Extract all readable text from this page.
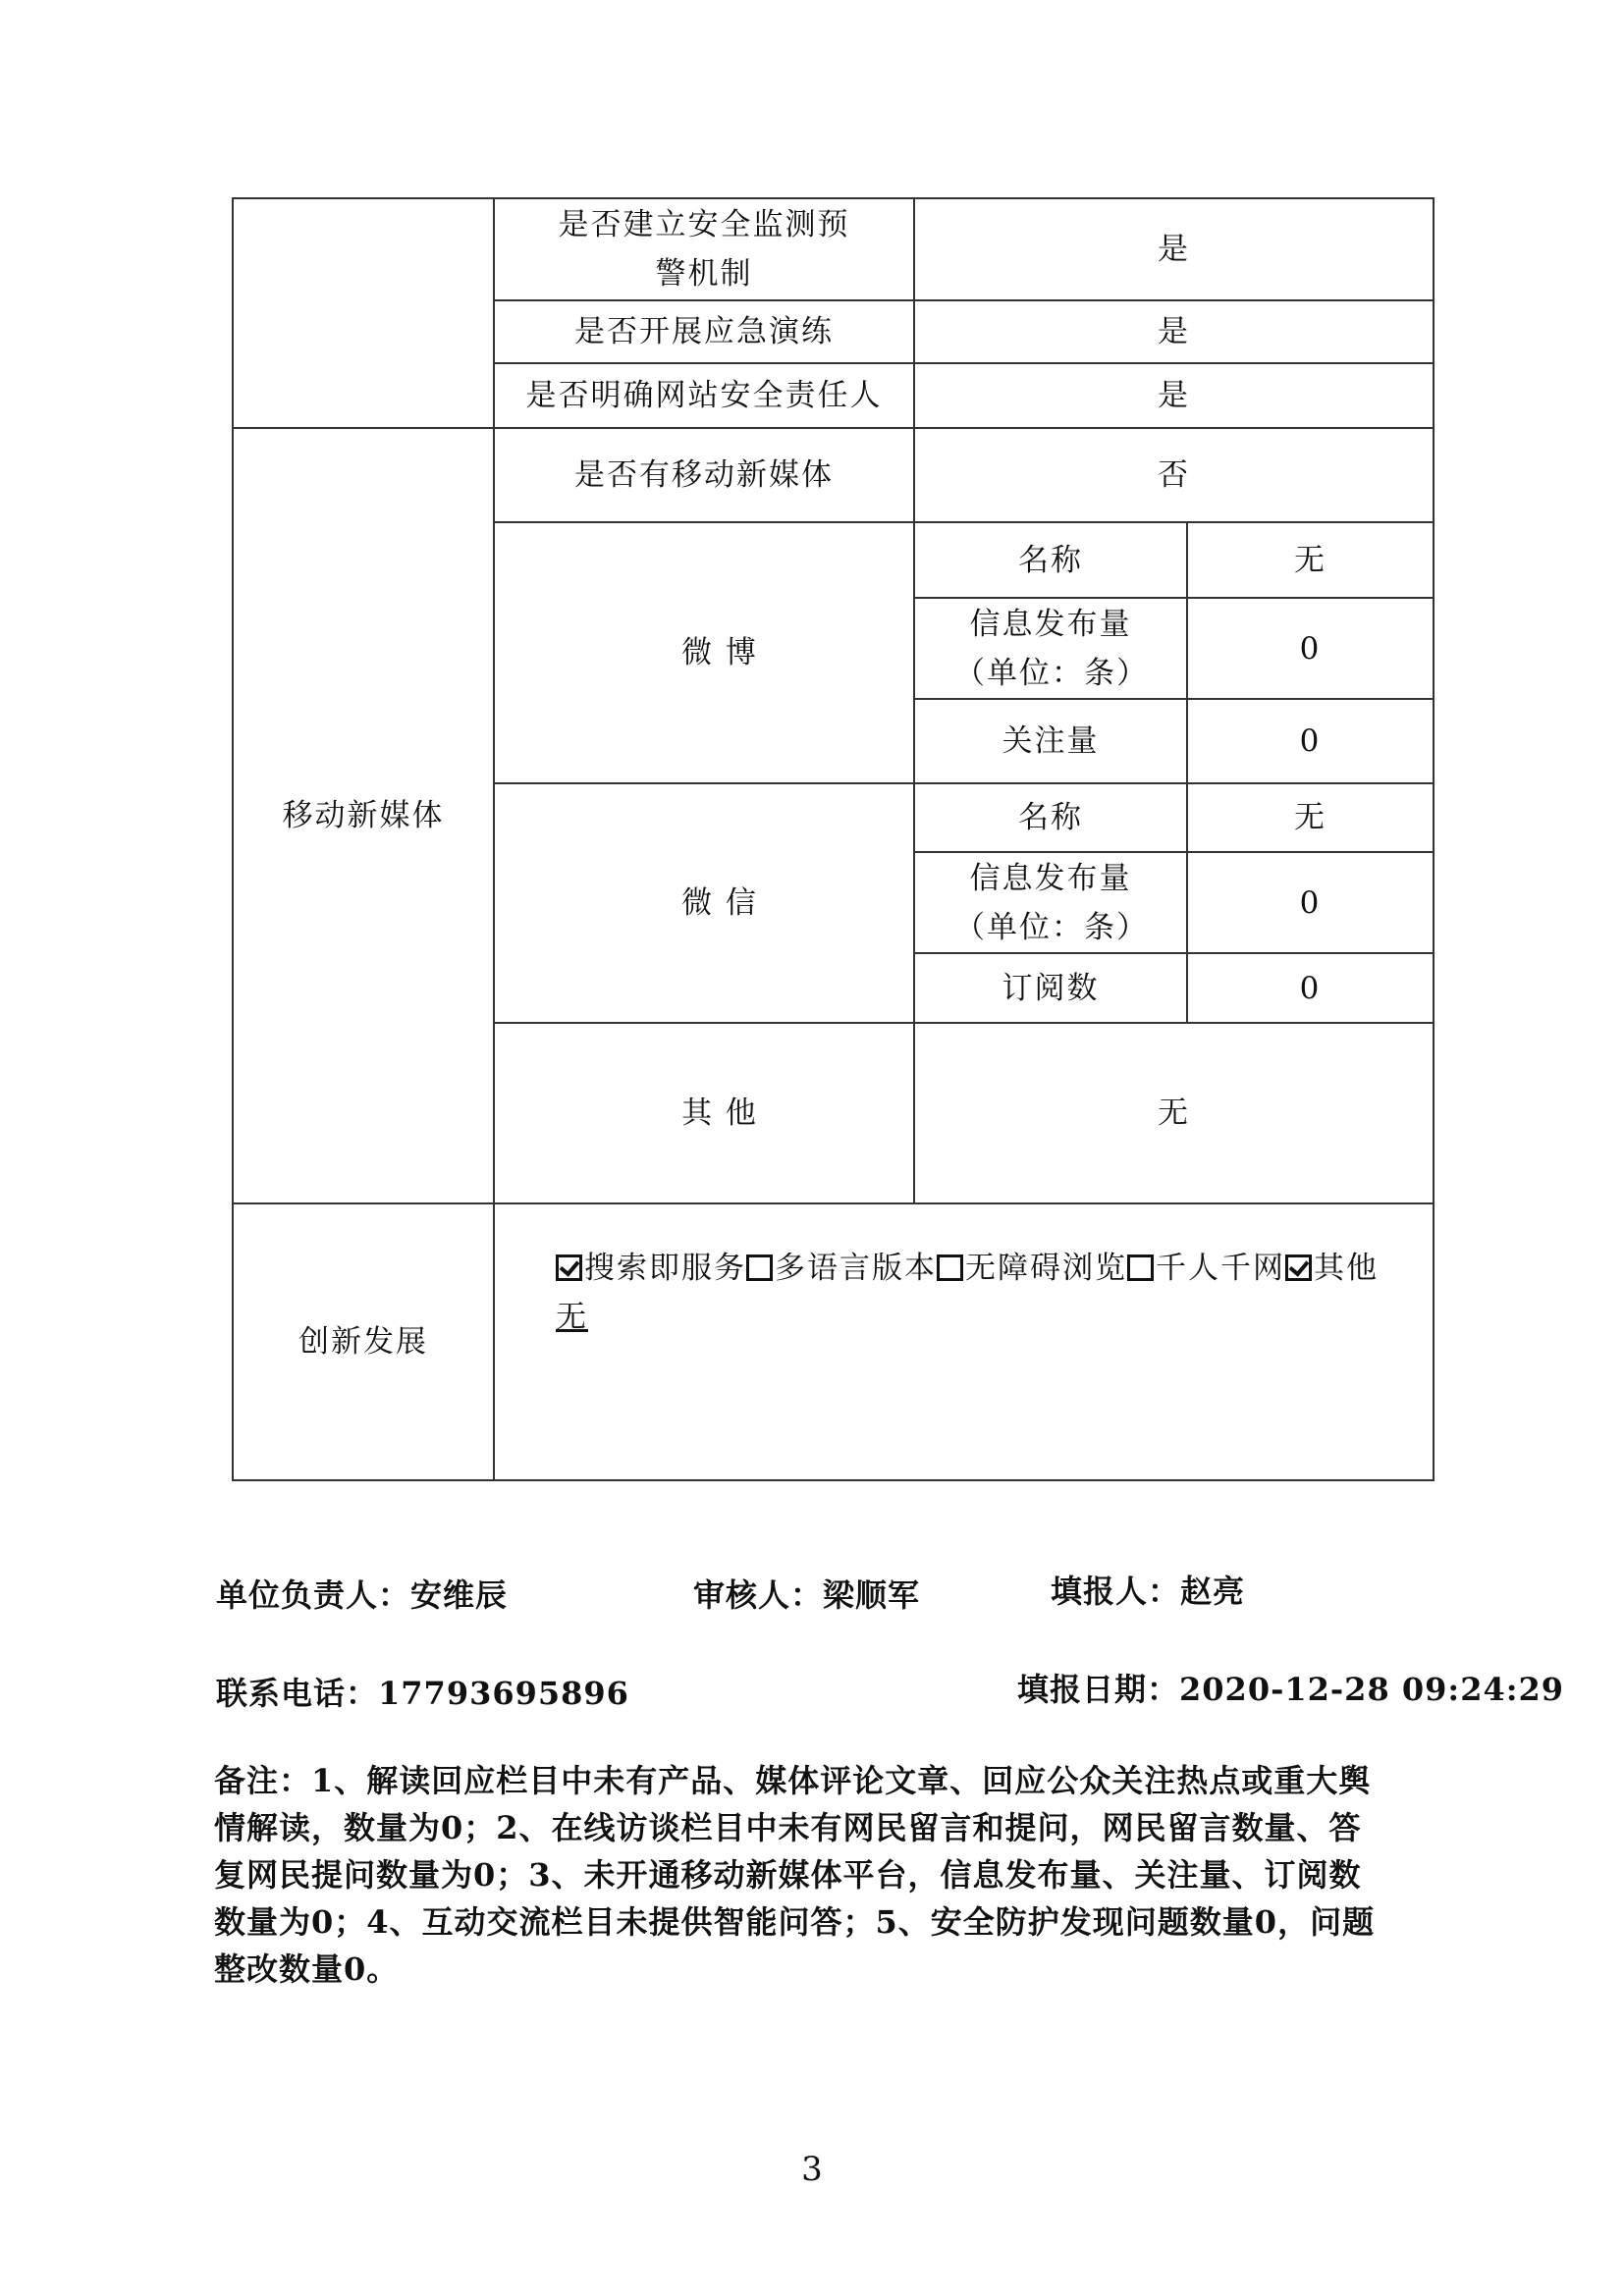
	是否建立安全监测预警机制	是	
	是否开展应急演练	是	
	是否明确网站安全责任人	是	
移动新媒体	是否有移动新媒体	否	
	微 博	名称	无
		信息发布量（单位：条）	0
		关注量	0
	微 信	名称	无
		信息发布量（单位：条）	0
		订阅数	0
	其 他	无	
创新发展	搜索即服务 多语言版本 无障碍浏览 千人千网 其他
无		
单位负责人：安维辰	审核人：梁顺军	填报人：赵亮
联系电话：17793695896	填报日期：2020-12-28 09:24:29
备注：1、解读回应栏目中未有产品、媒体评论文章、回应公众关注热点或重大舆情解读，数量为0；2、在线访谈栏目中未有网民留言和提问，网民留言数量、答复网民提问数量为0；3、未开通移动新媒体平台，信息发布量、关注量、订阅数数量为0；4、互动交流栏目未提供智能问答；5、安全防护发现问题数量0，问题整改数量0。
3
